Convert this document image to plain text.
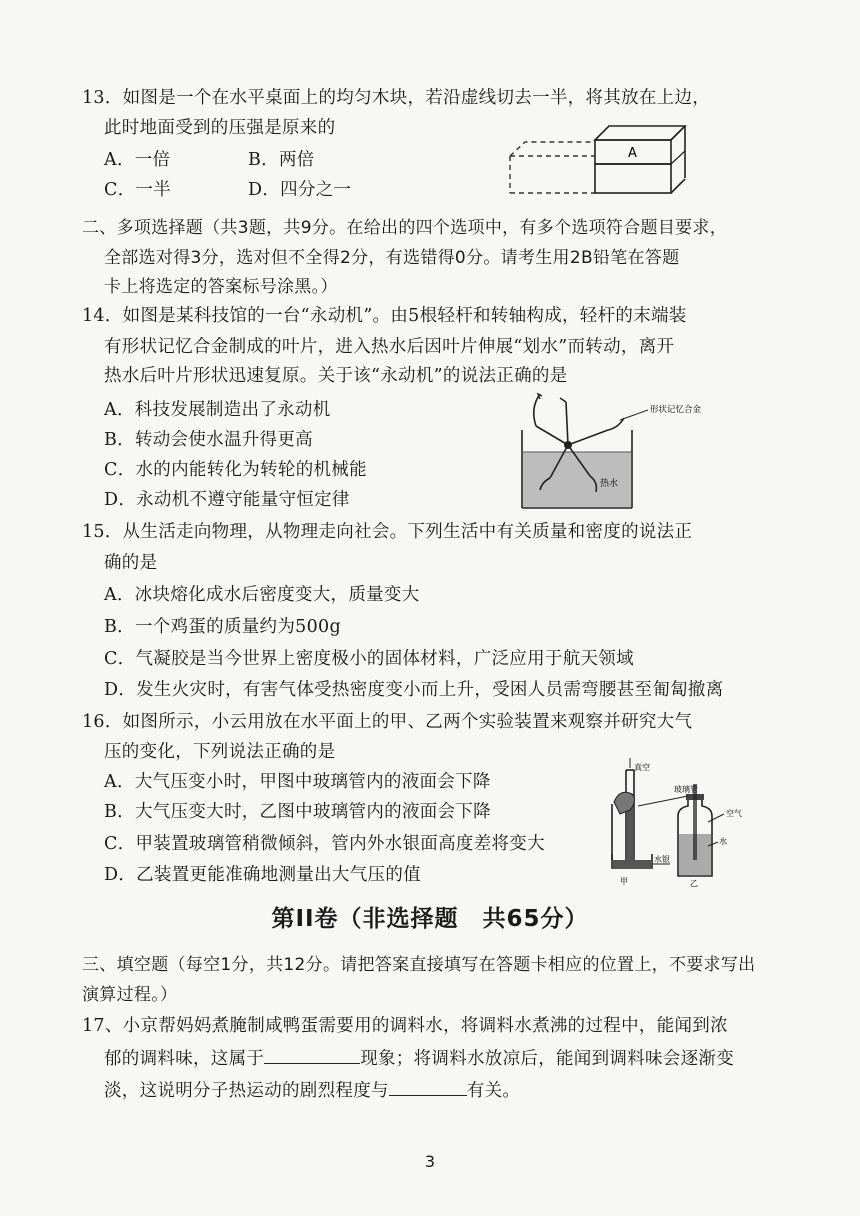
13．如图是一个在水平桌面上的均匀木块，若沿虚线切去一半，将其放在上边，
此时地面受到的压强是原来的
A．一倍	B．两倍
C．一半	D．四分之一
A
二、多项选择题（共3题，共9分。在给出的四个选项中，有多个选项符合题目要求，
全部选对得3分，选对但不全得2分，有选错得0分。请考生用2B铅笔在答题
卡上将选定的答案标号涂黑。）
14．如图是某科技馆的一台“永动机”。由5根轻杆和转轴构成，轻杆的末端装
有形状记忆合金制成的叶片，进入热水后因叶片伸展“划水”而转动，离开
热水后叶片形状迅速复原。关于该“永动机”的说法正确的是
A．科技发展制造出了永动机
B．转动会使水温升得更高
C．水的内能转化为转轮的机械能
D．永动机不遵守能量守恒定律
形状记忆合金
热水
15．从生活走向物理，从物理走向社会。下列生活中有关质量和密度的说法正
确的是
A．冰块熔化成水后密度变大，质量变大
B．一个鸡蛋的质量约为500g
C．气凝胶是当今世界上密度极小的固体材料，广泛应用于航天领域
D．发生火灾时，有害气体受热密度变小而上升，受困人员需弯腰甚至匍匐撤离
16．如图所示，小云用放在水平面上的甲、乙两个实验装置来观察并研究大气
压的变化，下列说法正确的是
A．大气压变小时，甲图中玻璃管内的液面会下降
B．大气压变大时，乙图中玻璃管内的液面会下降
C．甲装置玻璃管稍微倾斜，管内外水银面高度差将变大
D．乙装置更能准确地测量出大气压的值
真空
水银
甲
玻璃管
空气
水
乙
第II卷（非选择题　共65分）
三、填空题（每空1分，共12分。请把答案直接填写在答题卡相应的位置上，不要求写出
演算过程。）
17、小京帮妈妈煮腌制咸鸭蛋需要用的调料水，将调料水煮沸的过程中，能闻到浓
郁的调料味，这属于	现象；将调料水放凉后，能闻到调料味会逐渐变
淡，这说明分子热运动的剧烈程度与	有关。
3
